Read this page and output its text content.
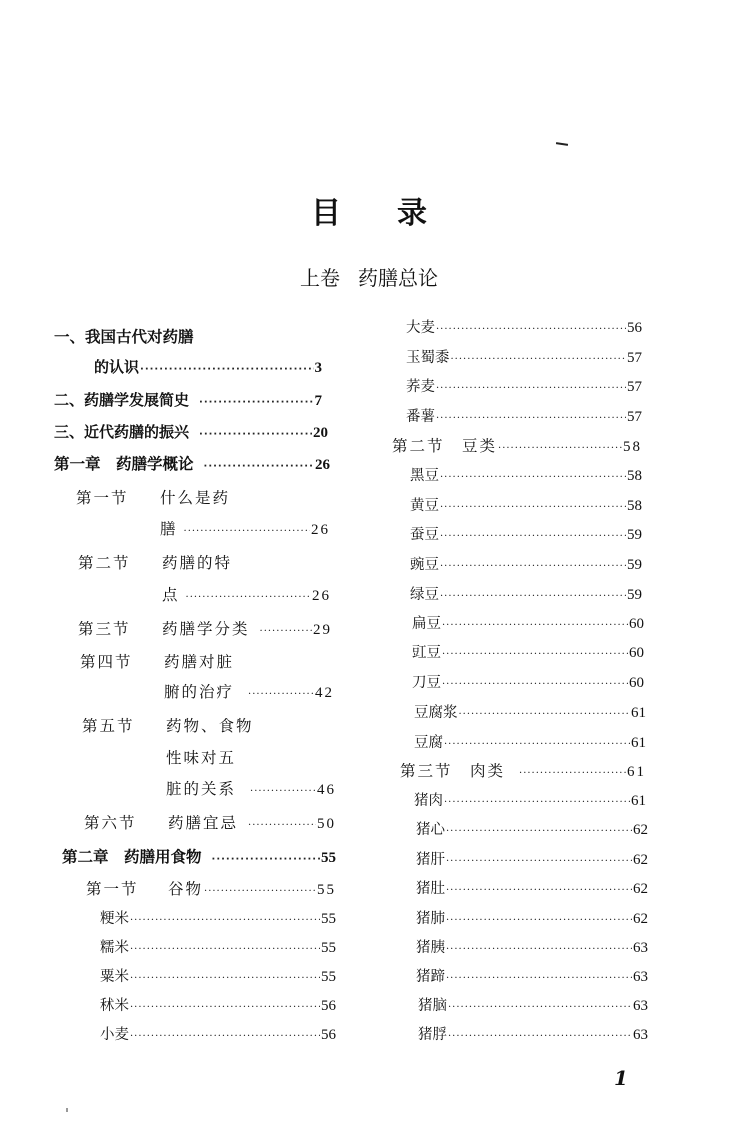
目 录
上卷 药膳总论
一、我国古代对药膳
的认识 ·····	3
二、药膳学发展简史 ·····	7
三、近代药膳的振兴 ·····	20
第一章　药膳学概论 ·····	26
第一节 什么是药
膳 ·····	26
第二节 药膳的特
点 ·····	26
第三节 药膳学分类 ·····	29
第四节 药膳对脏
腑的治疗 ·····	42
第五节 药物、食物
性味对五
脏的关系 ·····	46
第六节 药膳宜忌 ·····	50
第二章　药膳用食物 ·····	55
第一节 谷物 ·····	55
粳米 ·····	55
糯米 ·····	55
粟米 ·····	55
秫米 ·····	56
小麦 ·····	56
大麦 ·····	56
玉蜀黍 ·····	57
荞麦 ·····	57
番薯 ·····	57
第二节　豆类 ·····	58
黑豆 ·····	58
黄豆 ·····	58
蚕豆 ·····	59
豌豆 ·····	59
绿豆 ·····	59
扁豆 ·····	60
豇豆 ·····	60
刀豆 ·····	60
豆腐浆 ·····	61
豆腐 ·····	61
第三节　肉类 ·····	61
猪肉 ·····	61
猪心 ·····	62
猪肝 ·····	62
猪肚 ·····	62
猪肺 ·····	62
猪胰 ·····	63
猪蹄 ·····	63
猪脑 ·····	63
猪脬 ·····	63
1
